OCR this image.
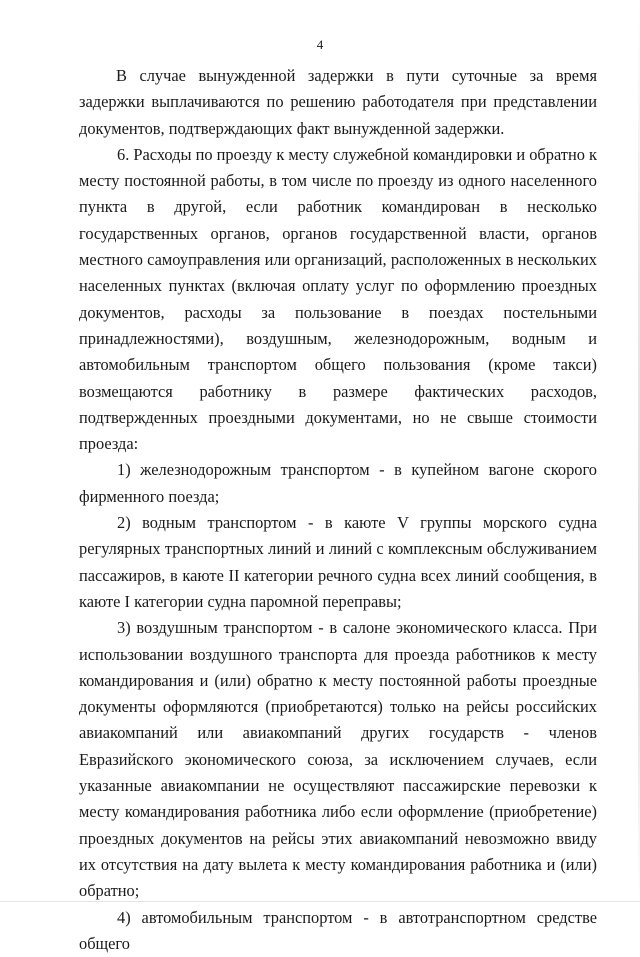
4

В случае вынужденной задержки в пути суточные за время задержки выплачиваются по решению работодателя при представлении документов, подтверждающих факт вынужденной задержки.

6. Расходы по проезду к месту служебной командировки и обратно к месту постоянной работы, в том числе по проезду из одного населенного пункта в другой, если работник командирован в несколько государственных органов, органов государственной власти, органов местного самоуправления или организаций, расположенных в нескольких населенных пунктах (включая оплату услуг по оформлению проездных документов, расходы за пользование в поездах постельными принадлежностями), воздушным, железнодорожным, водным и автомобильным транспортом общего пользования (кроме такси) возмещаются работнику в размере фактических расходов, подтвержденных проездными документами, но не свыше стоимости проезда:

1) железнодорожным транспортом - в купейном вагоне скорого фирменного поезда;

2) водным транспортом - в каюте V группы морского судна регулярных транспортных линий и линий с комплексным обслуживанием пассажиров, в каюте II категории речного судна всех линий сообщения, в каюте I категории судна паромной переправы;

3) воздушным транспортом - в салоне экономического класса. При использовании воздушного транспорта для проезда работников к месту командирования и (или) обратно к месту постоянной работы проездные документы оформляются (приобретаются) только на рейсы российских авиакомпаний или авиакомпаний других государств - членов Евразийского экономического союза, за исключением случаев, если указанные авиакомпании не осуществляют пассажирские перевозки к месту командирования работника либо если оформление (приобретение) проездных документов на рейсы этих авиакомпаний невозможно ввиду их отсутствия на дату вылета к месту командирования работника и (или) обратно;

4) автомобильным транспортом - в автотранспортном средстве общего
